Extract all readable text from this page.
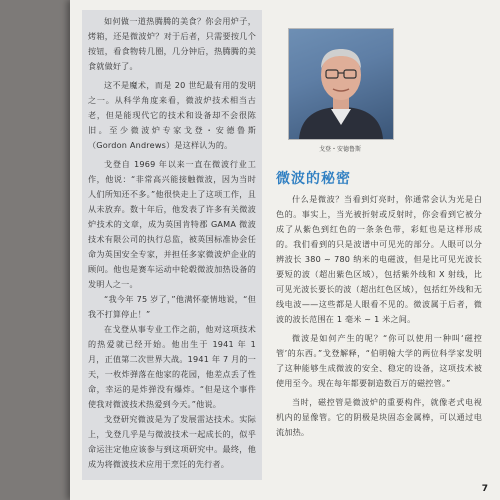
如何做一道热腾腾的美食？你会用炉子，烤箱，还是微波炉？对于后者，只需要按几个按钮，看食物转几圈，几分钟后，热腾腾的美食就做好了。

这不是魔术，而是 20 世纪最有用的发明之一。从科学角度来看，微波炉技术相当古老，但是能现代它的技术和设备却不会很陈旧。至少微波炉专家戈登・安德鲁斯（Gordon Andrews）是这样认为的。

戈登自 1969 年以来一直在微波行业工作，他说：“非常高兴能接触微波，因为当时人们所知还不多。”他很快走上了这项工作，且从未放弃。数十年后，他发表了许多有关微波炉技术的文章，成为英国肯特郡 GAMA 微波技术有限公司的执行总监，被英国标准协会任命为英国安全专家，并担任多家微波炉企业的顾问。他也是赛车运动中轮毂微波加热设备的发明人之一。

“我今年 75 岁了，”他满怀豪情地说，“但我不打算停止！”

在戈登从事专业工作之前，他对这项技术的热爱就已经开始。他出生于 1941 年 1 月，正值第二次世界大战。1941 年 7 月的一天，一枚炸弹落在他家的花园，他差点丢了性命，幸运的是炸弹没有爆炸。“但是这个事件使我对微波技术热爱到今天。”他说。

戈登研究微波是为了发展雷达技术。实际上，戈登几乎是与微波技术一起成长的，似乎命运注定他应该参与到这项研究中。最终，他成为将微波技术应用于烹饪的先行者。

戈登・安德鲁斯
微波的秘密

什么是微波？当看到灯亮时，你通常会认为光是白色的。事实上，当光被折射或反射时，你会看到它被分成了从紫色到红色的一条条色带，彩虹也是这样形成的。我们看到的只是波谱中可见光的部分。人眼可以分辨波长 380 ~ 780 纳米的电磁波，但是比可见光波长要短的波（超出紫色区域），包括紫外线和 X 射线，比可见光波长要长的波（超出红色区域），包括红外线和无线电波——这些都是人眼看不见的。微波属于后者，微波的波长范围在 1 毫米 ~ 1 米之间。

微波是如何产生的呢？“你可以使用一种叫‘磁控管’的东西。”戈登解释，“伯明翰大学的两位科学家发明了这种能够生成微波的安全、稳定的设备，这项技术被使用至今。现在每年都要制造数百万的磁控管。”

当时，磁控管是微波炉的重要构件，就像老式电视机内的显像管。它的阴极是块固态金属棒，可以通过电流加热。

7
